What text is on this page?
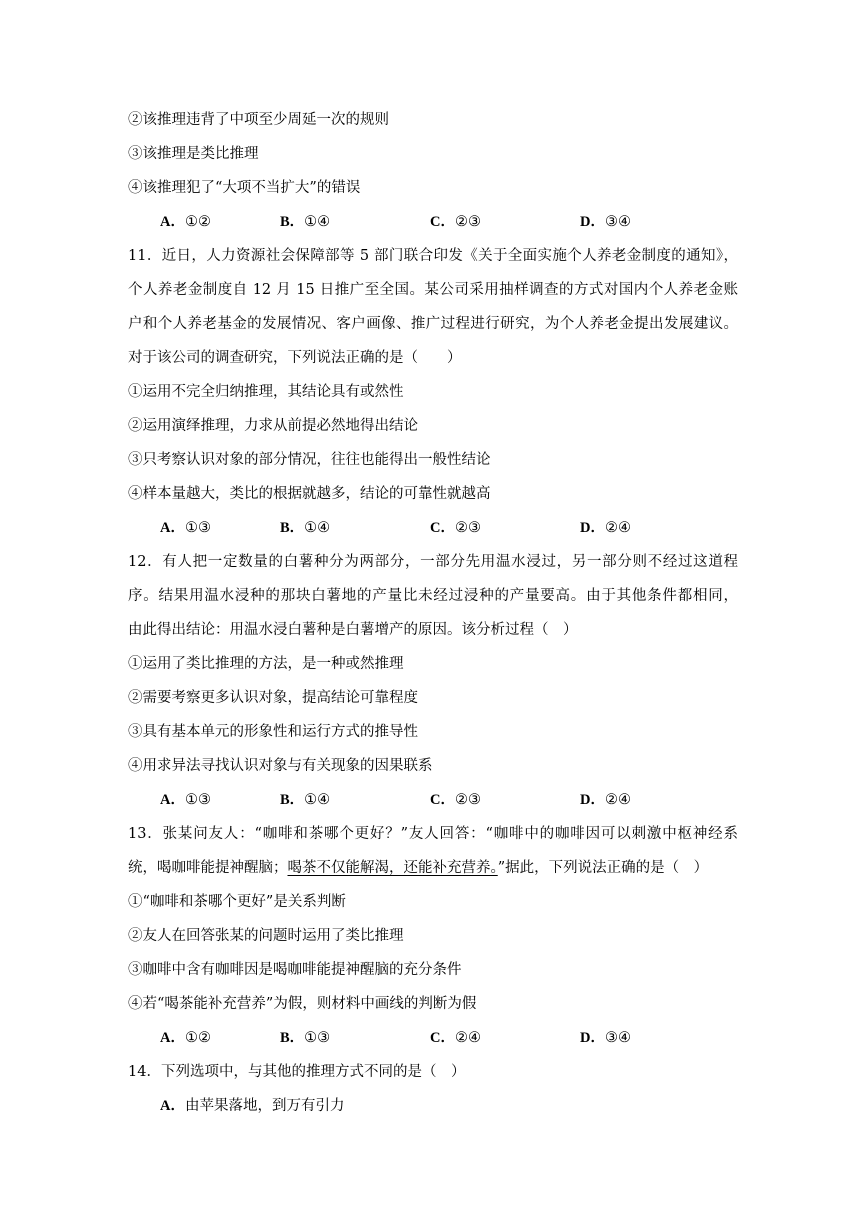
②该推理违背了中项至少周延一次的规则
③该推理是类比推理
④该推理犯了“大项不当扩大”的错误
A．①②	B．①④	C．②③	D．③④
11．近日，人力资源社会保障部等 5 部门联合印发《关于全面实施个人养老金制度的通知》，
个人养老金制度自 12 月 15 日推广至全国。某公司采用抽样调查的方式对国内个人养老金账
户和个人养老基金的发展情况、客户画像、推广过程进行研究，为个人养老金提出发展建议。
对于该公司的调查研究，下列说法正确的是（　　）
①运用不完全归纳推理，其结论具有或然性
②运用演绎推理，力求从前提必然地得出结论
③只考察认识对象的部分情况，往往也能得出一般性结论
④样本量越大，类比的根据就越多，结论的可靠性就越高
A．①③	B．①④	C．②③	D．②④
12．有人把一定数量的白薯种分为两部分，一部分先用温水浸过，另一部分则不经过这道程
序。结果用温水浸种的那块白薯地的产量比未经过浸种的产量要高。由于其他条件都相同，
由此得出结论：用温水浸白薯种是白薯增产的原因。该分析过程（　）
①运用了类比推理的方法，是一种或然推理
②需要考察更多认识对象，提高结论可靠程度
③具有基本单元的形象性和运行方式的推导性
④用求异法寻找认识对象与有关现象的因果联系
A．①③	B．①④	C．②③	D．②④
13．张某问友人：“咖啡和茶哪个更好？”友人回答：“咖啡中的咖啡因可以刺激中枢神经系
统，喝咖啡能提神醒脑；喝茶不仅能解渴，还能补充营养。”据此，下列说法正确的是（　）
①“咖啡和茶哪个更好”是关系判断
②友人在回答张某的问题时运用了类比推理
③咖啡中含有咖啡因是喝咖啡能提神醒脑的充分条件
④若“喝茶能补充营养”为假，则材料中画线的判断为假
A．①②	B．①③	C．②④	D．③④
14．下列选项中，与其他的推理方式不同的是（　）
A．由苹果落地，到万有引力
